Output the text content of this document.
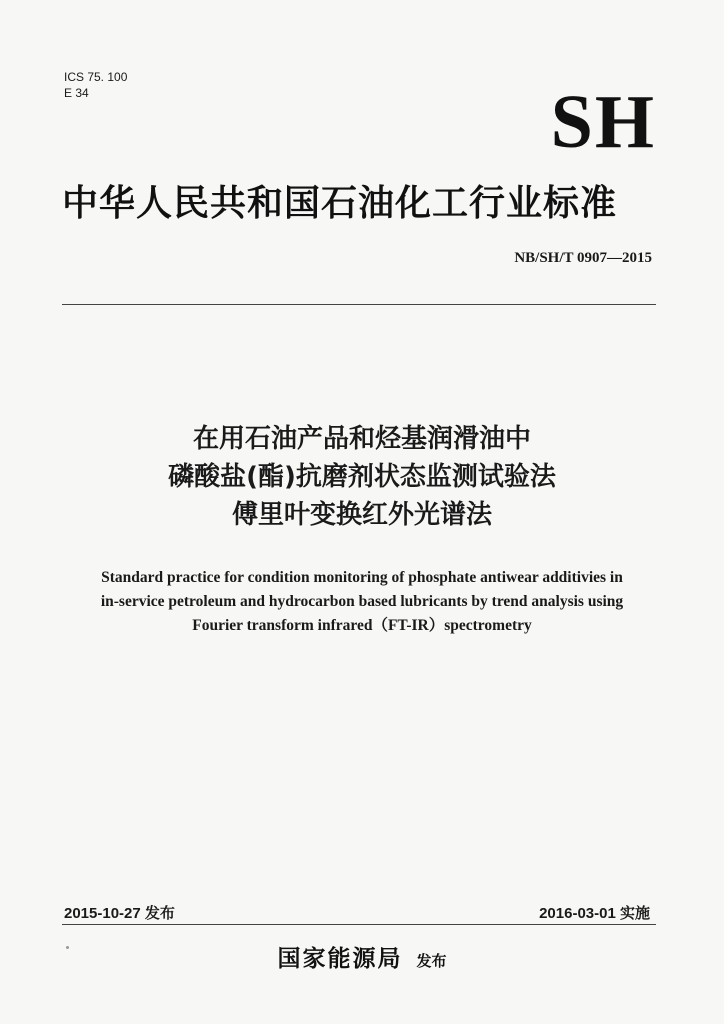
ICS 75. 100
E 34	SH
中华人民共和国石油化工行业标准
NB/SH/T 0907—2015
在用石油产品和烃基润滑油中
磷酸盐(酯)抗磨剂状态监测试验法
傅里叶变换红外光谱法
Standard practice for condition monitoring of phosphate antiwear additivies in
in-service petroleum and hydrocarbon based lubricants by trend analysis using
Fourier transform infrared（FT-IR）spectrometry
2015-10-27 发布	2016-03-01 实施
国家能源局 发布
